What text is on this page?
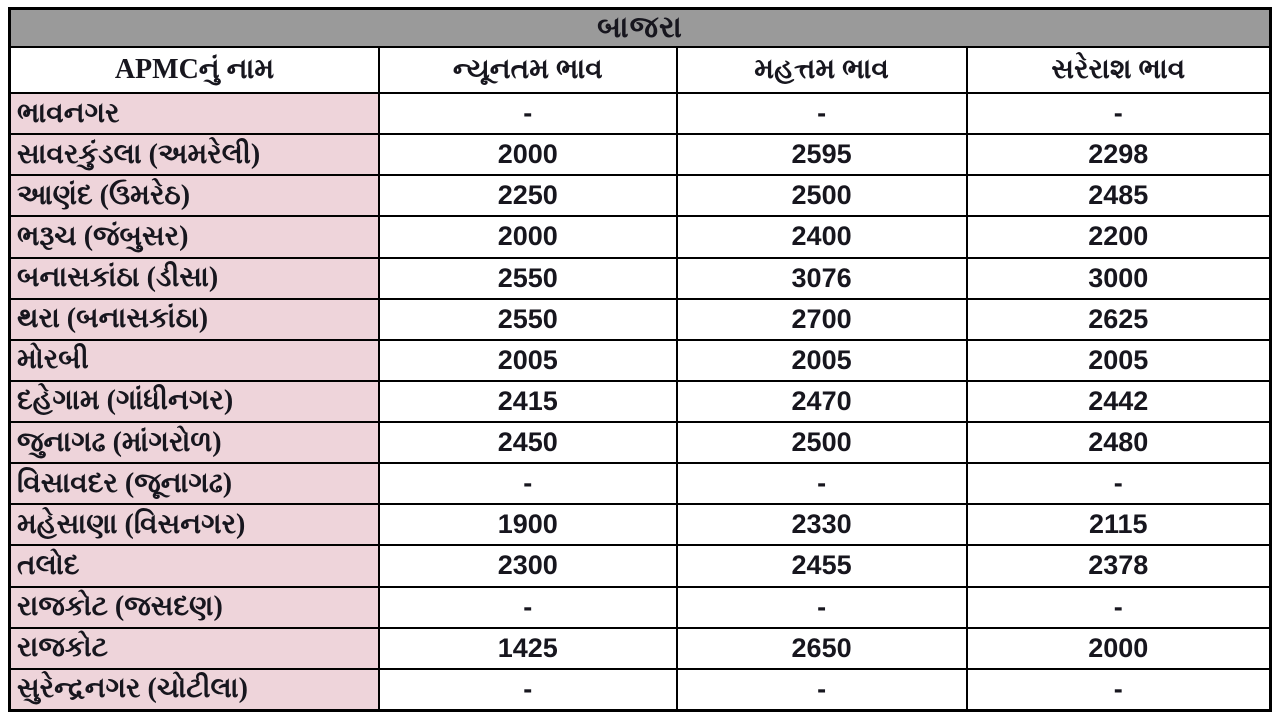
બાજરા			
APMCનું નામ	ન્યૂનતમ ભાવ	મહત્તમ ભાવ	સરેરાશ ભાવ
ભાવનગર	-	-	-
સાવરકુંડલા (અમરેલી)	2000	2595	2298
આણંદ (ઉમરેઠ)	2250	2500	2485
ભરૂચ (જંબુસર)	2000	2400	2200
બનાસકાંઠા (ડીસા)	2550	3076	3000
થરા (બનાસકાંઠા)	2550	2700	2625
મોરબી	2005	2005	2005
દહેગામ (ગાંધીનગર)	2415	2470	2442
જુનાગઢ (માંગરોળ)	2450	2500	2480
વિસાવદર (જૂનાગઢ)	-	-	-
મહેસાણા (વિસનગર)	1900	2330	2115
તલોદ	2300	2455	2378
રાજકોટ (જસદણ)	-	-	-
રાજકોટ	1425	2650	2000
સુરેન્દ્રનગર (ચોટીલા)	-	-	-
